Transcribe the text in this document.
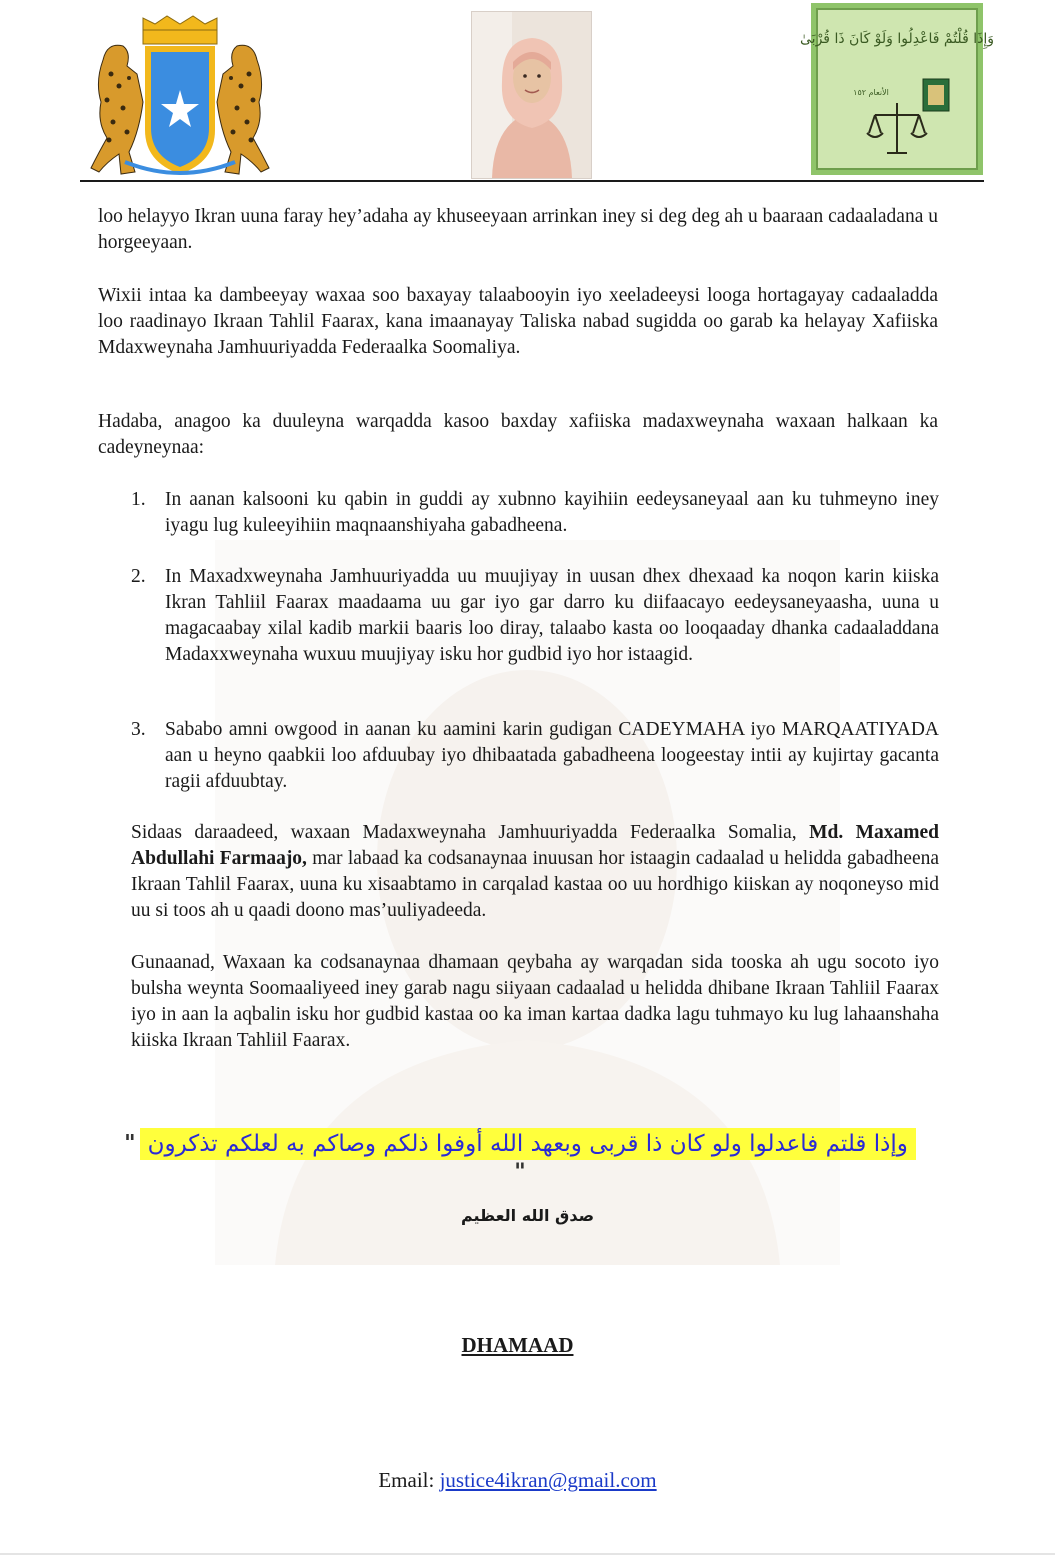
وَإِذَا قُلْتُمْ فَاعْدِلُوا وَلَوْ كَانَ ذَا قُرْبَىٰ
الأنعام ١٥٢

loo helayyo Ikran uuna faray hey’adaha ay khuseeyaan arrinkan iney si deg deg ah u baaraan cadaaladana u horgeeyaan.

Wixii intaa ka dambeeyay waxaa soo baxayay talaabooyin iyo xeeladeeysi looga hortagayay cadaaladda loo raadinayo Ikraan Tahlil Faarax, kana imaanayay Taliska nabad sugidda oo garab ka helayay Xafiiska Mdaxweynaha Jamhuuriyadda Federaalka Soomaliya.

Hadaba, anagoo ka duuleyna warqadda kasoo baxday xafiiska madaxweynaha waxaan halkaan ka cadeyneynaa:

1. In aanan kalsooni ku qabin in guddi ay xubnno kayihiin eedeysaneyaal aan ku tuhmeyno iney iyagu lug kuleeyihiin maqnaanshiyaha gabadheena.
2. In Maxadxweynaha Jamhuuriyadda uu muujiyay in uusan dhex dhexaad ka noqon karin kiiska Ikran Tahliil Faarax maadaama uu gar iyo gar darro ku diifaacayo eedeysaneyaasha, uuna u magacaabay xilal kadib markii baaris loo diray, talaabo kasta oo looqaaday dhanka cadaaladdana Madaxxweynaha wuxuu muujiyay isku hor gudbid iyo hor istaagid.
3. Sababo amni owgood in aanan ku aamini karin gudigan CADEYMAHA iyo MARQAATIYADA aan u heyno qaabkii loo afduubay iyo dhibaatada gabadheena loogeestay intii ay kujirtay gacanta ragii afduubtay.

Sidaas daraadeed, waxaan Madaxweynaha Jamhuuriyadda Federaalka Somalia, Md. Maxamed Abdullahi Farmaajo, mar labaad ka codsanaynaa inuusan hor istaagin cadaalad u helidda gabadheena Ikraan Tahlil Faarax, uuna ku xisaabtamo in carqalad kastaa oo uu hordhigo kiiskan ay noqoneyso mid uu si toos ah u qaadi doono mas’uuliyadeeda.

Gunaanad, Waxaan ka codsanaynaa dhamaan qeybaha ay warqadan sida tooska ah ugu socoto iyo bulsha weynta Soomaaliyeed iney garab nagu siiyaan cadaalad u helidda dhibane Ikraan Tahliil Faarax iyo in aan la aqbalin isku hor gudbid kastaa oo ka iman kartaa dadka lagu tuhmayo ku lug lahaanshaha kiiska Ikraan Tahliil Faarax.

" وإذا قلتم فاعدلوا ولو كان ذا قربى وبعهد الله أوفوا ذلكم وصاكم به لعلكم تذكرون "
صدق الله العظيم
DHAMAAD
Email: justice4ikran@gmail.com
